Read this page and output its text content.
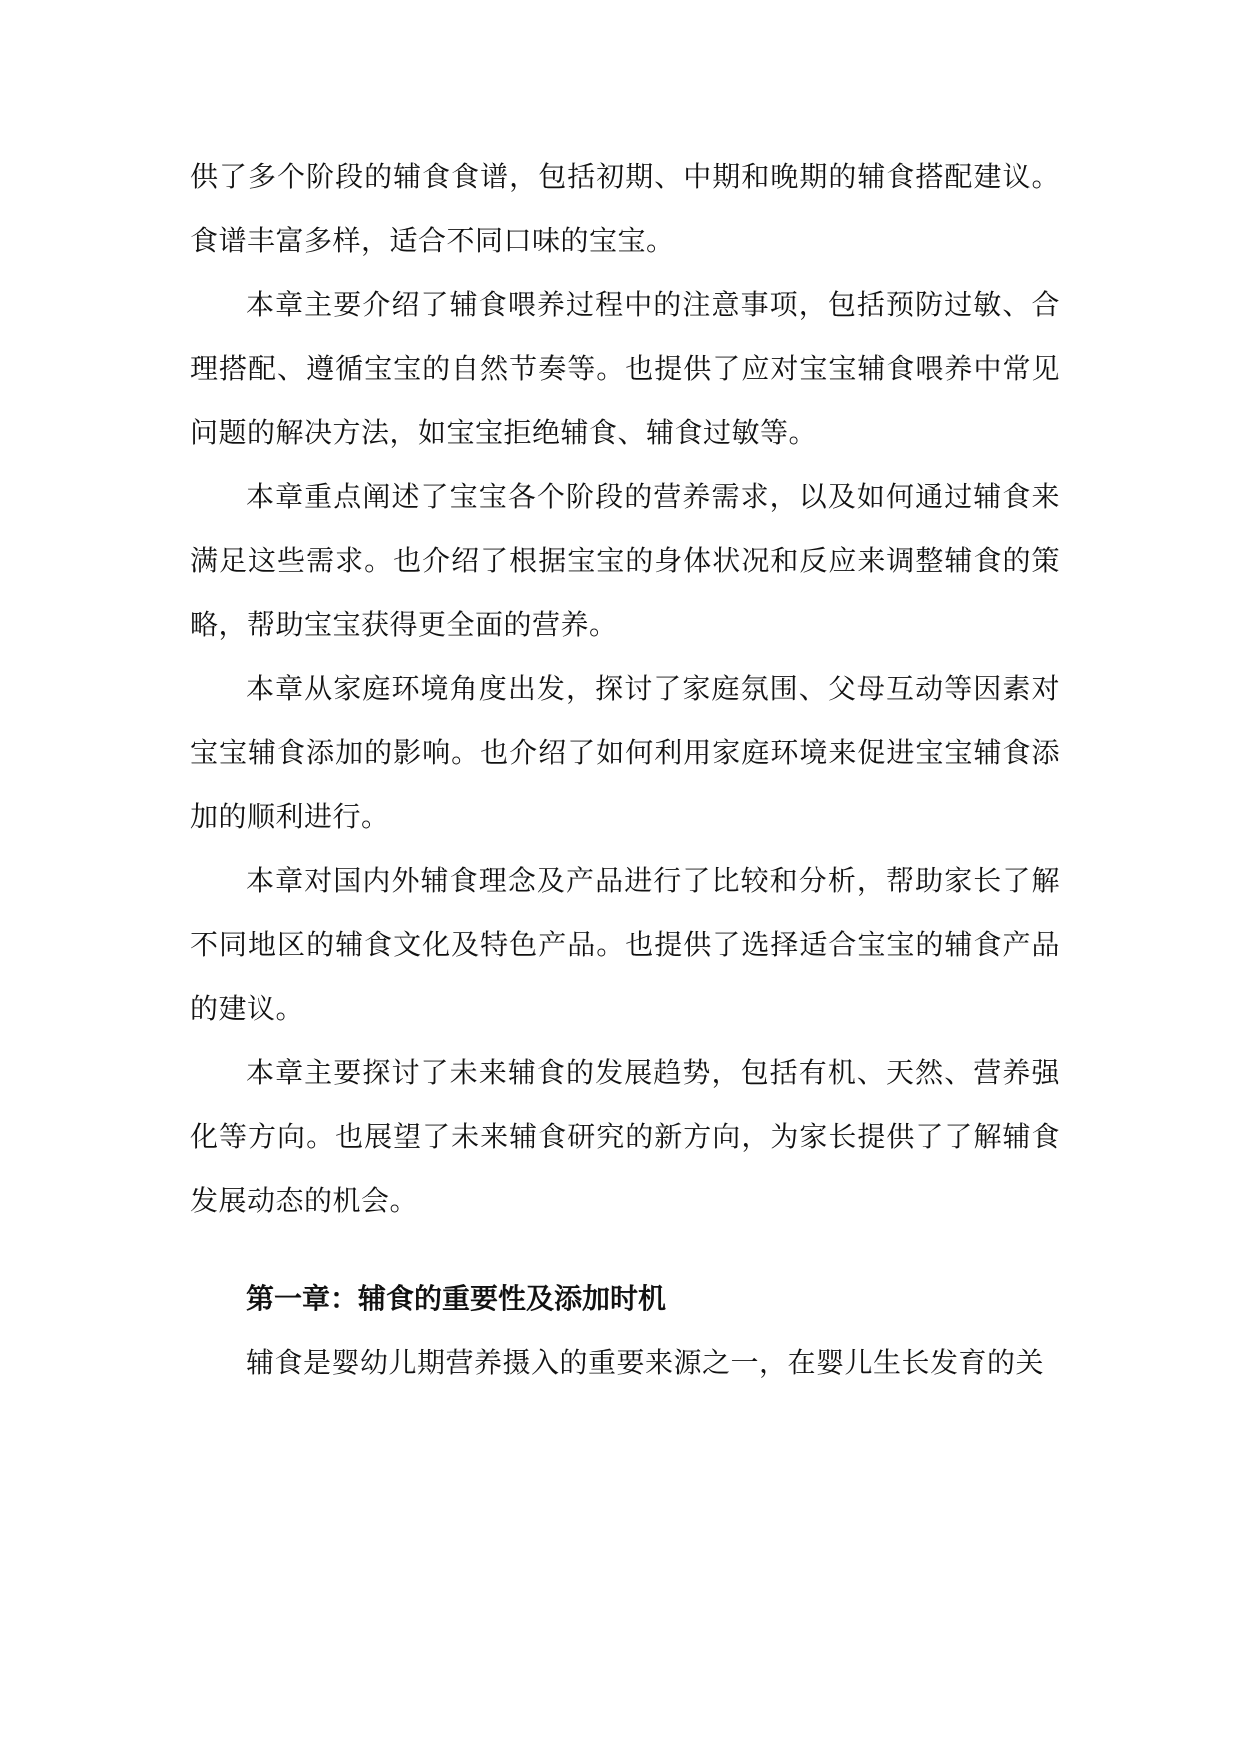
供了多个阶段的辅食食谱，包括初期、中期和晚期的辅食搭配建议。食谱丰富多样，适合不同口味的宝宝。

本章主要介绍了辅食喂养过程中的注意事项，包括预防过敏、合理搭配、遵循宝宝的自然节奏等。也提供了应对宝宝辅食喂养中常见问题的解决方法，如宝宝拒绝辅食、辅食过敏等。

本章重点阐述了宝宝各个阶段的营养需求，以及如何通过辅食来满足这些需求。也介绍了根据宝宝的身体状况和反应来调整辅食的策略，帮助宝宝获得更全面的营养。

本章从家庭环境角度出发，探讨了家庭氛围、父母互动等因素对宝宝辅食添加的影响。也介绍了如何利用家庭环境来促进宝宝辅食添加的顺利进行。

本章对国内外辅食理念及产品进行了比较和分析，帮助家长了解不同地区的辅食文化及特色产品。也提供了选择适合宝宝的辅食产品的建议。

本章主要探讨了未来辅食的发展趋势，包括有机、天然、营养强化等方向。也展望了未来辅食研究的新方向，为家长提供了了解辅食发展动态的机会。

第一章：辅食的重要性及添加时机

辅食是婴幼儿期营养摄入的重要来源之一，在婴儿生长发育的关
